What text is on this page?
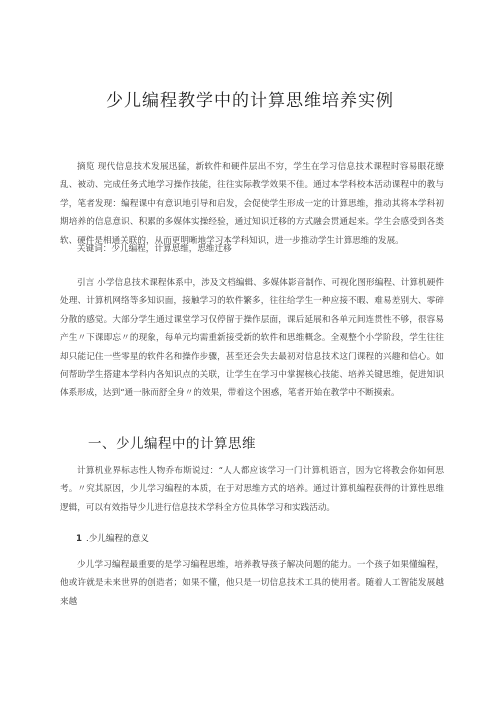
少儿编程教学中的计算思维培养实例

摘览 现代信息技术发展迅猛，新软件和硬件层出不穷，学生在学习信息技术课程时容易眼花缭乱、被动、完成任务式地学习操作技能，往往实际教学效果不佳。通过本学科校本活动课程中的教与学，笔者发现：编程课中有意识地引导和启发，会促使学生形成一定的计算思维，推动其将本学科初期培养的信息意识、积累的多媒体实操经验，通过知识迁移的方式融会贯通起来。学生会感受到各类软、硬件是相通关联的，从而更明晰地学习本学科知识，进一步推动学生计算思维的发展。

关键词：少儿编程，计算思维，思维迁移

引言 小学信息技术课程体系中，涉及文档编辑、多媒体影音制作、可视化图形编程、计算机硬件处理、计算机网络等多知识面，接触学习的软件繁多，往往给学生一种应接不暇、难易差别大、零碎分散的感觉。大部分学生通过课堂学习仅停留于操作层面，课后延展和各单元间连贯性不够，很容易产生〃下课即忘〃的现象，每单元均需重新接受新的软件和思维概念。全观整个小学阶段，学生往往却只能记住一些零星的软件名和操作步骤，甚至还会失去最初对信息技术这门课程的兴趣和信心。如何帮助学生搭建本学科内各知识点的关联，让学生在学习中掌握核心技能、培养关键思维，促进知识体系形成，达到“通一脉而舒全身〃的效果，带着这个困惑，笔者开始在教学中不断摸索。

一、少儿编程中的计算思维

计算机业界标志性人物乔布斯说过：“人人都应该学习一门计算机语言，因为它将教会你如何思考。〃究其原因，少儿学习编程的本质，在于对思维方式的培养。通过计算机编程获得的计算性思维逻辑，可以有效指导少儿进行信息技术学科全方位具体学习和实践活动。

1 .少儿编程的意义

少儿学习编程最重要的是学习编程思维，培养教导孩子解决问题的能力。一个孩子如果懂编程，他或许就是未来世界的创造者；如果不懂，他只是一切信息技术工具的使用者。随着人工智能发展越来越
